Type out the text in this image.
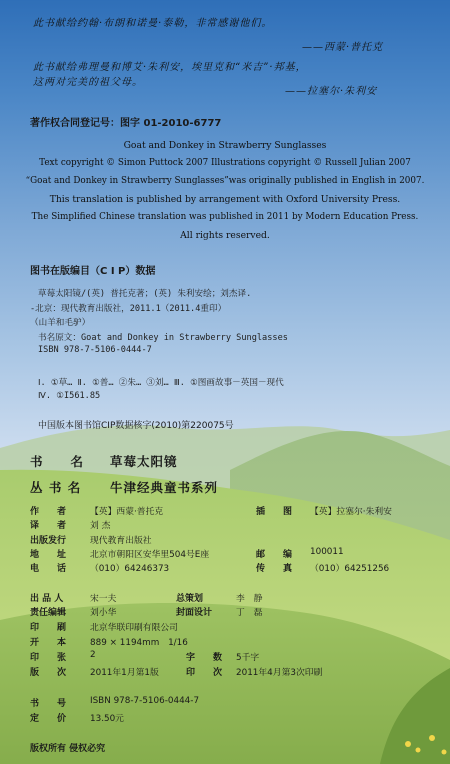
此书献给约翰·布朗和诺曼·泰勒，非常感谢他们。
——西蒙·普托克
此书献给弗理曼和博艾·朱利安，埃里克和“米吉”·邦基，
这两对完美的祖父母。
——拉塞尔·朱利安
著作权合同登记号：图字 01-2010-6777
Goat and Donkey in Strawberry Sunglasses
Text copyright © Simon Puttock 2007 Illustrations copyright © Russell Julian 2007
“Goat and Donkey in Strawberry Sunglasses”was originally published in English in 2007.
This translation is published by arrangement with Oxford University Press.
The Simplified Chinese translation was published in 2011 by Modern Education Press.
All rights reserved.
图书在版编目（C I P）数据
草莓太阳镜/(英) 普托克著；(英) 朱利安绘；刘杰译.
-北京：现代教育出版社，2011.1（2011.4重印）
（山羊和毛驴）
书名原文：Goat and Donkey in Strawberry Sunglasses
ISBN 978-7-5106-0444-7
Ⅰ. ①草… Ⅱ. ①普… ②朱… ③刘… Ⅲ. ①图画故事－英国－现代
Ⅳ. ①I561.85
中国版本图书馆CIP数据核字(2010)第220075号
书　　名 草莓太阳镜
丛 书 名 牛津经典童书系列
作　　者	【英】西蒙·普托克	插　　图 【英】拉塞尔·朱利安
译　　者	刘 杰
出版发行	现代教育出版社
地　　址	北京市朝阳区安华里504号E座	邮　　编 100011
电　　话	（010）64246373	传　　真 （010）64251256
出 品 人	宋一夫	总策划	李　静
责任编辑	刘小华	封面设计	丁　磊
印　　刷	北京华联印刷有限公司
开　　本	889 × 1194mm　1/16
印　　张	2	字　　数 5千字
版　　次	2011年1月第1版	印　　次 2011年4月第3次印刷
书　　号	ISBN 978-7-5106-0444-7
定　　价	13.50元
版权所有 侵权必究
